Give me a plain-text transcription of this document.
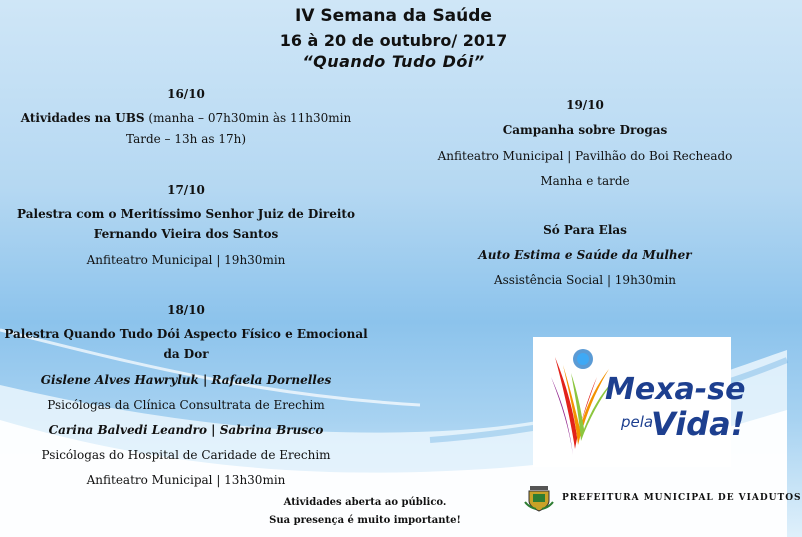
IV Semana da Saúde
16 à 20 de outubro/ 2017
“Quando Tudo Dói”
16/10
Atividades na UBS (manha – 07h30min às 11h30min
Tarde – 13h as 17h)
17/10
Palestra com o Meritíssimo Senhor Juiz de Direito
Fernando Vieira dos Santos
Anfiteatro Municipal | 19h30min
18/10
Palestra Quando Tudo Dói Aspecto Físico e Emocional
da Dor
Gislene Alves Hawryluk | Rafaela Dornelles
Psicólogas da Clínica Consultrata de Erechim
Carina Balvedi Leandro | Sabrina Brusco
Psicólogas do Hospital de Caridade de Erechim
Anfiteatro Municipal | 13h30min
19/10
Campanha sobre Drogas
Anfiteatro Municipal | Pavilhão do Boi Recheado
Manha e tarde
Só Para Elas
Auto Estima e Saúde da Mulher
Assistência Social | 19h30min
Mexa-se
pela
Vida!
Atividades aberta ao público.
Sua presença é muito importante!
PREFEITURA MUNICIPAL DE VIADUTOS
